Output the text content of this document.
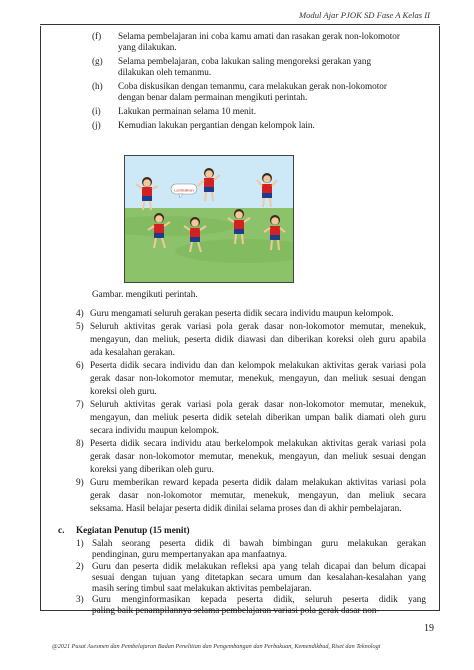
Modul Ajar PJOK SD Fase A Kelas II
(f) Selama pembelajaran ini coba kamu amati dan rasakan gerak non-lokomotor
yang dilakukan.
(g) Selama pembelajaran, coba lakukan saling mengoreksi gerakan yang
dilakukan oleh temanmu.
(h) Coba diskusikan dengan temanmu, cara melakukan gerak non-lokomotor
dengan benar dalam permainan mengikuti perintah.
(i) Lakukan permainan selama 10 menit.
(j) Kemudian lakukan pergantian dengan kelompok lain.
Lambaikan
Gambar. mengikuti perintah.
4) Guru mengamati seluruh gerakan peserta didik secara individu maupun kelompok.
5) Seluruh aktivitas gerak variasi pola gerak dasar non-lokomotor memutar, menekuk,
mengayun, dan meliuk, peserta didik diawasi dan diberikan koreksi oleh guru apabila
ada kesalahan gerakan.
6) Peserta didik secara individu dan dan kelompok melakukan aktivitas gerak variasi pola
gerak dasar non-lokomotor memutar, menekuk, mengayun, dan meliuk sesuai dengan
koreksi oleh guru.
7) Seluruh aktivitas gerak variasi pola gerak dasar non-lokomotor memutar, menekuk,
mengayun, dan meliuk peserta didik setelah diberikan umpan balik diamati oleh guru
secara individu maupun kelompok.
8) Peserta didik secara individu atau berkelompok melakukan aktivitas gerak variasi pola
gerak dasar non-lokomotor memutar, menekuk, mengayun, dan meliuk sesuai dengan
koreksi yang diberikan oleh guru.
9) Guru memberikan reward kepada peserta didik dalam melakukan aktivitas variasi pola
gerak dasar non-lokomotor memutar, menekuk, mengayun, dan meliuk secara
seksama. Hasil belajar peserta didik dinilai selama proses dan di akhir pembelajaran.
c. Kegiatan Penutup (15 menit)
1) Salah seorang peserta didik di bawah bimbingan guru melakukan gerakan
pendinginan, guru mempertanyakan apa manfaatnya.
2) Guru dan peserta didik melakukan refleksi apa yang telah dicapai dan belum dicapai
sesuai dengan tujuan yang ditetapkan secara umum dan kesalahan-kesalahan yang
masih sering timbul saat melakukan aktivitas pembelajaran.
3) Guru menginformasikan kepada peserta didik, seluruh peserta didik yang
paling baik penampilannya selama pembelajaran variasi pola gerak dasar non-
19
@2021 Pusat Asesmen dan Pembelajaran Badan Penelitian dan Pengembangan dan Perbukuan, Kemendikbud, Riset dan Teknologi
